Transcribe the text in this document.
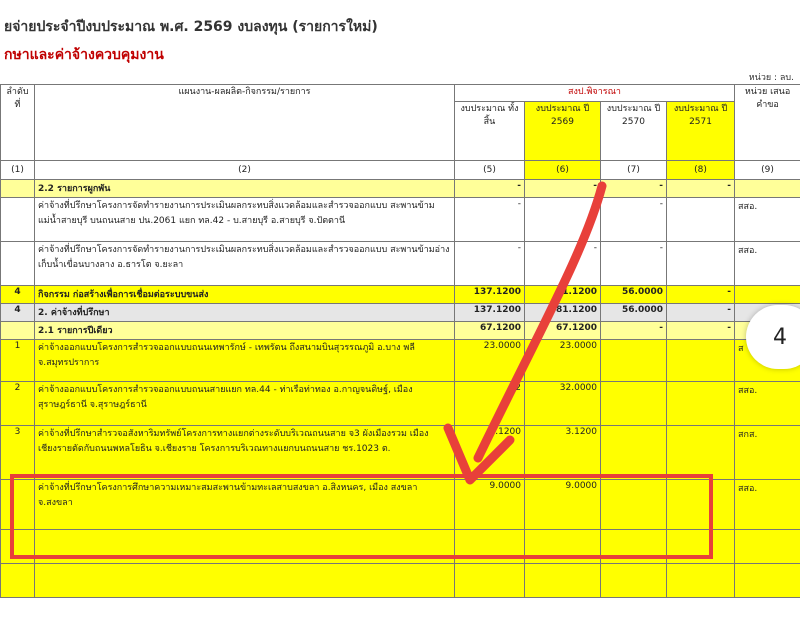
ยจ่ายประจำปีงบประมาณ พ.ศ. 2569 งบลงทุน (รายการใหม่)
กษาและค่าจ้างควบคุมงาน
หน่วย : ลบ.
ลำดับ ที่	แผนงาน-ผลผลิต-กิจกรรม/รายการ	สงป.พิจารณา				หน่วย เสนอคำขอ
		งบประมาณ ทั้งสิ้น	งบประมาณ ปี 2569	งบประมาณ ปี 2570	งบประมาณ ปี 2571	
(1)	(2)	(5)	(6)	(7)	(8)	(9)
	2.2 รายการผูกพัน	-	-	-	-	
	ค่าจ้างที่ปรึกษาโครงการจัดทำรายงานการประเมินผลกระทบสิ่งแวดล้อมและสำรวจออกแบบ สะพานข้ามแม่น้ำสายบุรี บนถนนสาย ปน.2061 แยก ทล.42 - บ.สายบุรี อ.สายบุรี จ.ปัตตานี	-	-	-		สสอ.
	ค่าจ้างที่ปรึกษาโครงการจัดทำรายงานการประเมินผลกระทบสิ่งแวดล้อมและสำรวจออกแบบ สะพานข้ามอ่างเก็บน้ำเขื่อนบางลาง อ.ธารโต จ.ยะลา	-	-	-		สสอ.
4	กิจกรรม ก่อสร้างเพื่อการเชื่อมต่อระบบขนส่ง	137.1200	81.1200	56.0000	-	
4	2. ค่าจ้างที่ปรึกษา	137.1200	81.1200	56.0000	-	
	2.1 รายการปีเดียว	67.1200	67.1200	-	-	
1	ค่าจ้างออกแบบโครงการสำรวจออกแบบถนนเทพารักษ์ - เทพรัตน ถึงสนามบินสุวรรณภูมิ อ.บาง พลี จ.สมุทรปราการ	23.0000	23.0000			ส
2	ค่าจ้างออกแบบโครงการสำรวจออกแบบถนนสายแยก ทล.44 - ท่าเรือท่าทอง อ.กาญจนดิษฐ์, เมืองสุราษฎร์ธานี จ.สุราษฎร์ธานี	32	32.0000			สสอ.
3	ค่าจ้างที่ปรึกษาสำรวจอสังหาริมทรัพย์โครงการทางแยกต่างระดับบริเวณถนนสาย จ3 ผังเมืองรวม เมืองเชียงรายตัดกับถนนพหลโยธิน จ.เชียงราย โครงการบริเวณทางแยกบนถนนสาย ชร.1023 ต.	3.1200	3.1200			สกส.
	ค่าจ้างที่ปรึกษาโครงการศึกษาความเหมาะสมสะพานข้ามทะเลสาบสงขลา อ.สิงหนคร, เมือง สงขลา จ.สงขลา	9.0000	9.0000			สสอ.

4
